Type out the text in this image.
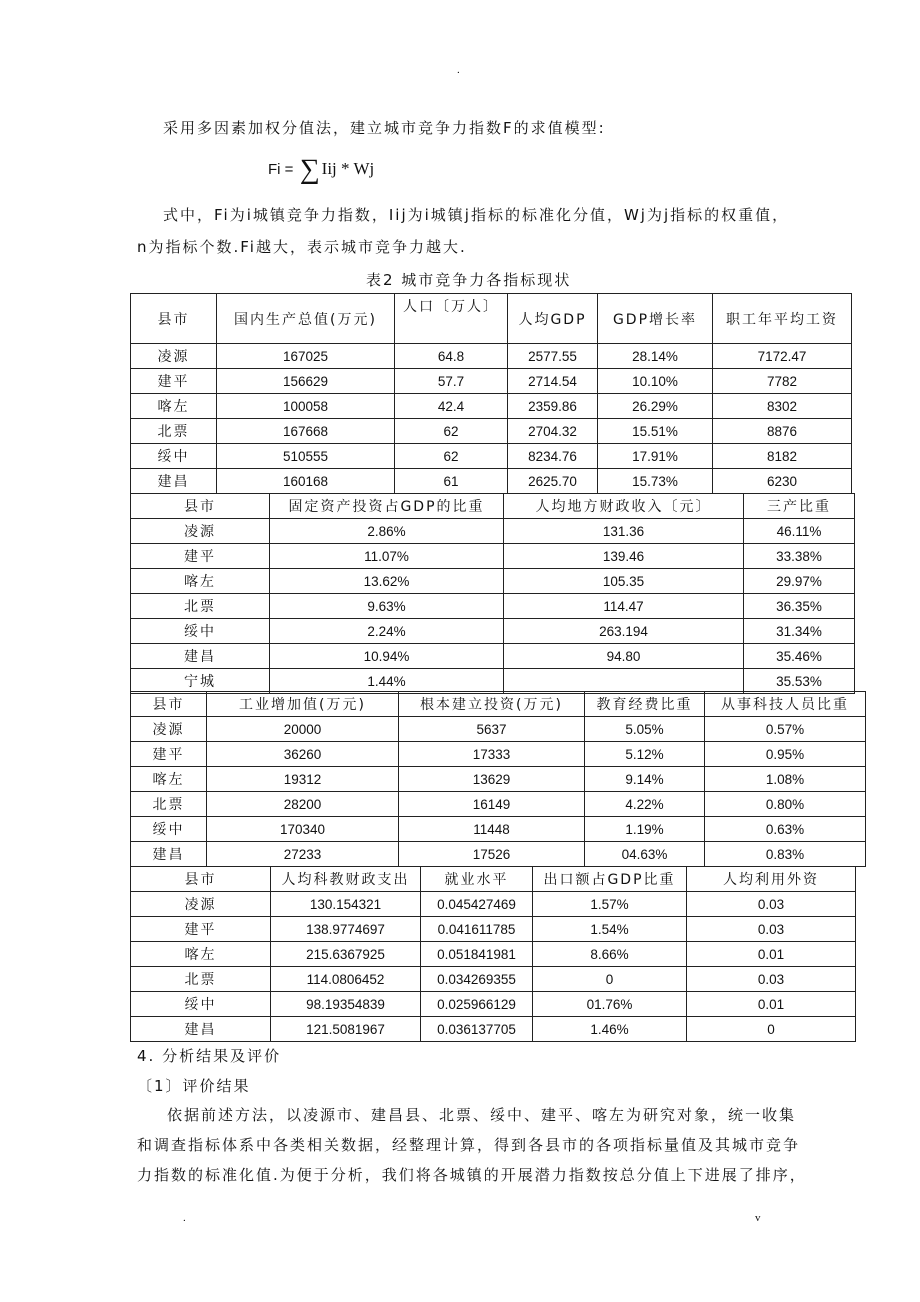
.
采用多因素加权分值法，建立城市竞争力指数F的求值模型:
Fi = ∑ Iij * Wj
式中，Fi为i城镇竞争力指数，Iij为i城镇j指标的标准化分值，Wj为j指标的权重值，
n为指标个数.Fi越大，表示城市竞争力越大.
表2 城市竞争力各指标现状
县市	国内生产总值(万元)	人口〔万人〕	人均GDP	GDP增长率	职工年平均工资
凌源	167025	64.8	2577.55	28.14%	7172.47
建平	156629	57.7	2714.54	10.10%	7782
喀左	100058	42.4	2359.86	26.29%	8302
北票	167668	62	2704.32	15.51%	8876
绥中	510555	62	8234.76	17.91%	8182
建昌	160168	61	2625.70	15.73%	6230
县市	固定资产投资占GDP的比重	人均地方财政收入〔元〕	三产比重
凌源	2.86%	131.36	46.11%
建平	11.07%	139.46	33.38%
喀左	13.62%	105.35	29.97%
北票	9.63%	114.47	36.35%
绥中	2.24%	263.194	31.34%
建昌	10.94%	94.80	35.46%
宁城	1.44%		35.53%
县市	工业增加值(万元)	根本建立投资(万元)	教育经费比重	从事科技人员比重
凌源	20000	5637	5.05%	0.57%
建平	36260	17333	5.12%	0.95%
喀左	19312	13629	9.14%	1.08%
北票	28200	16149	4.22%	0.80%
绥中	170340	11448	1.19%	0.63%
建昌	27233	17526	04.63%	0.83%
县市	人均科教财政支出	就业水平	出口额占GDP比重	人均利用外资
凌源	130.154321	0.045427469	1.57%	0.03
建平	138.9774697	0.041611785	1.54%	0.03
喀左	215.6367925	0.051841981	8.66%	0.01
北票	114.0806452	0.034269355	0	0.03
绥中	98.19354839	0.025966129	01.76%	0.01
建昌	121.5081967	0.036137705	1.46%	0
4. 分析结果及评价
〔1〕评价结果
依据前述方法，以凌源市、建昌县、北票、绥中、建平、喀左为研究对象，统一收集
和调查指标体系中各类相关数据，经整理计算，得到各县市的各项指标量值及其城市竞争
力指数的标准化值.为便于分析，我们将各城镇的开展潜力指数按总分值上下进展了排序，
.	v
